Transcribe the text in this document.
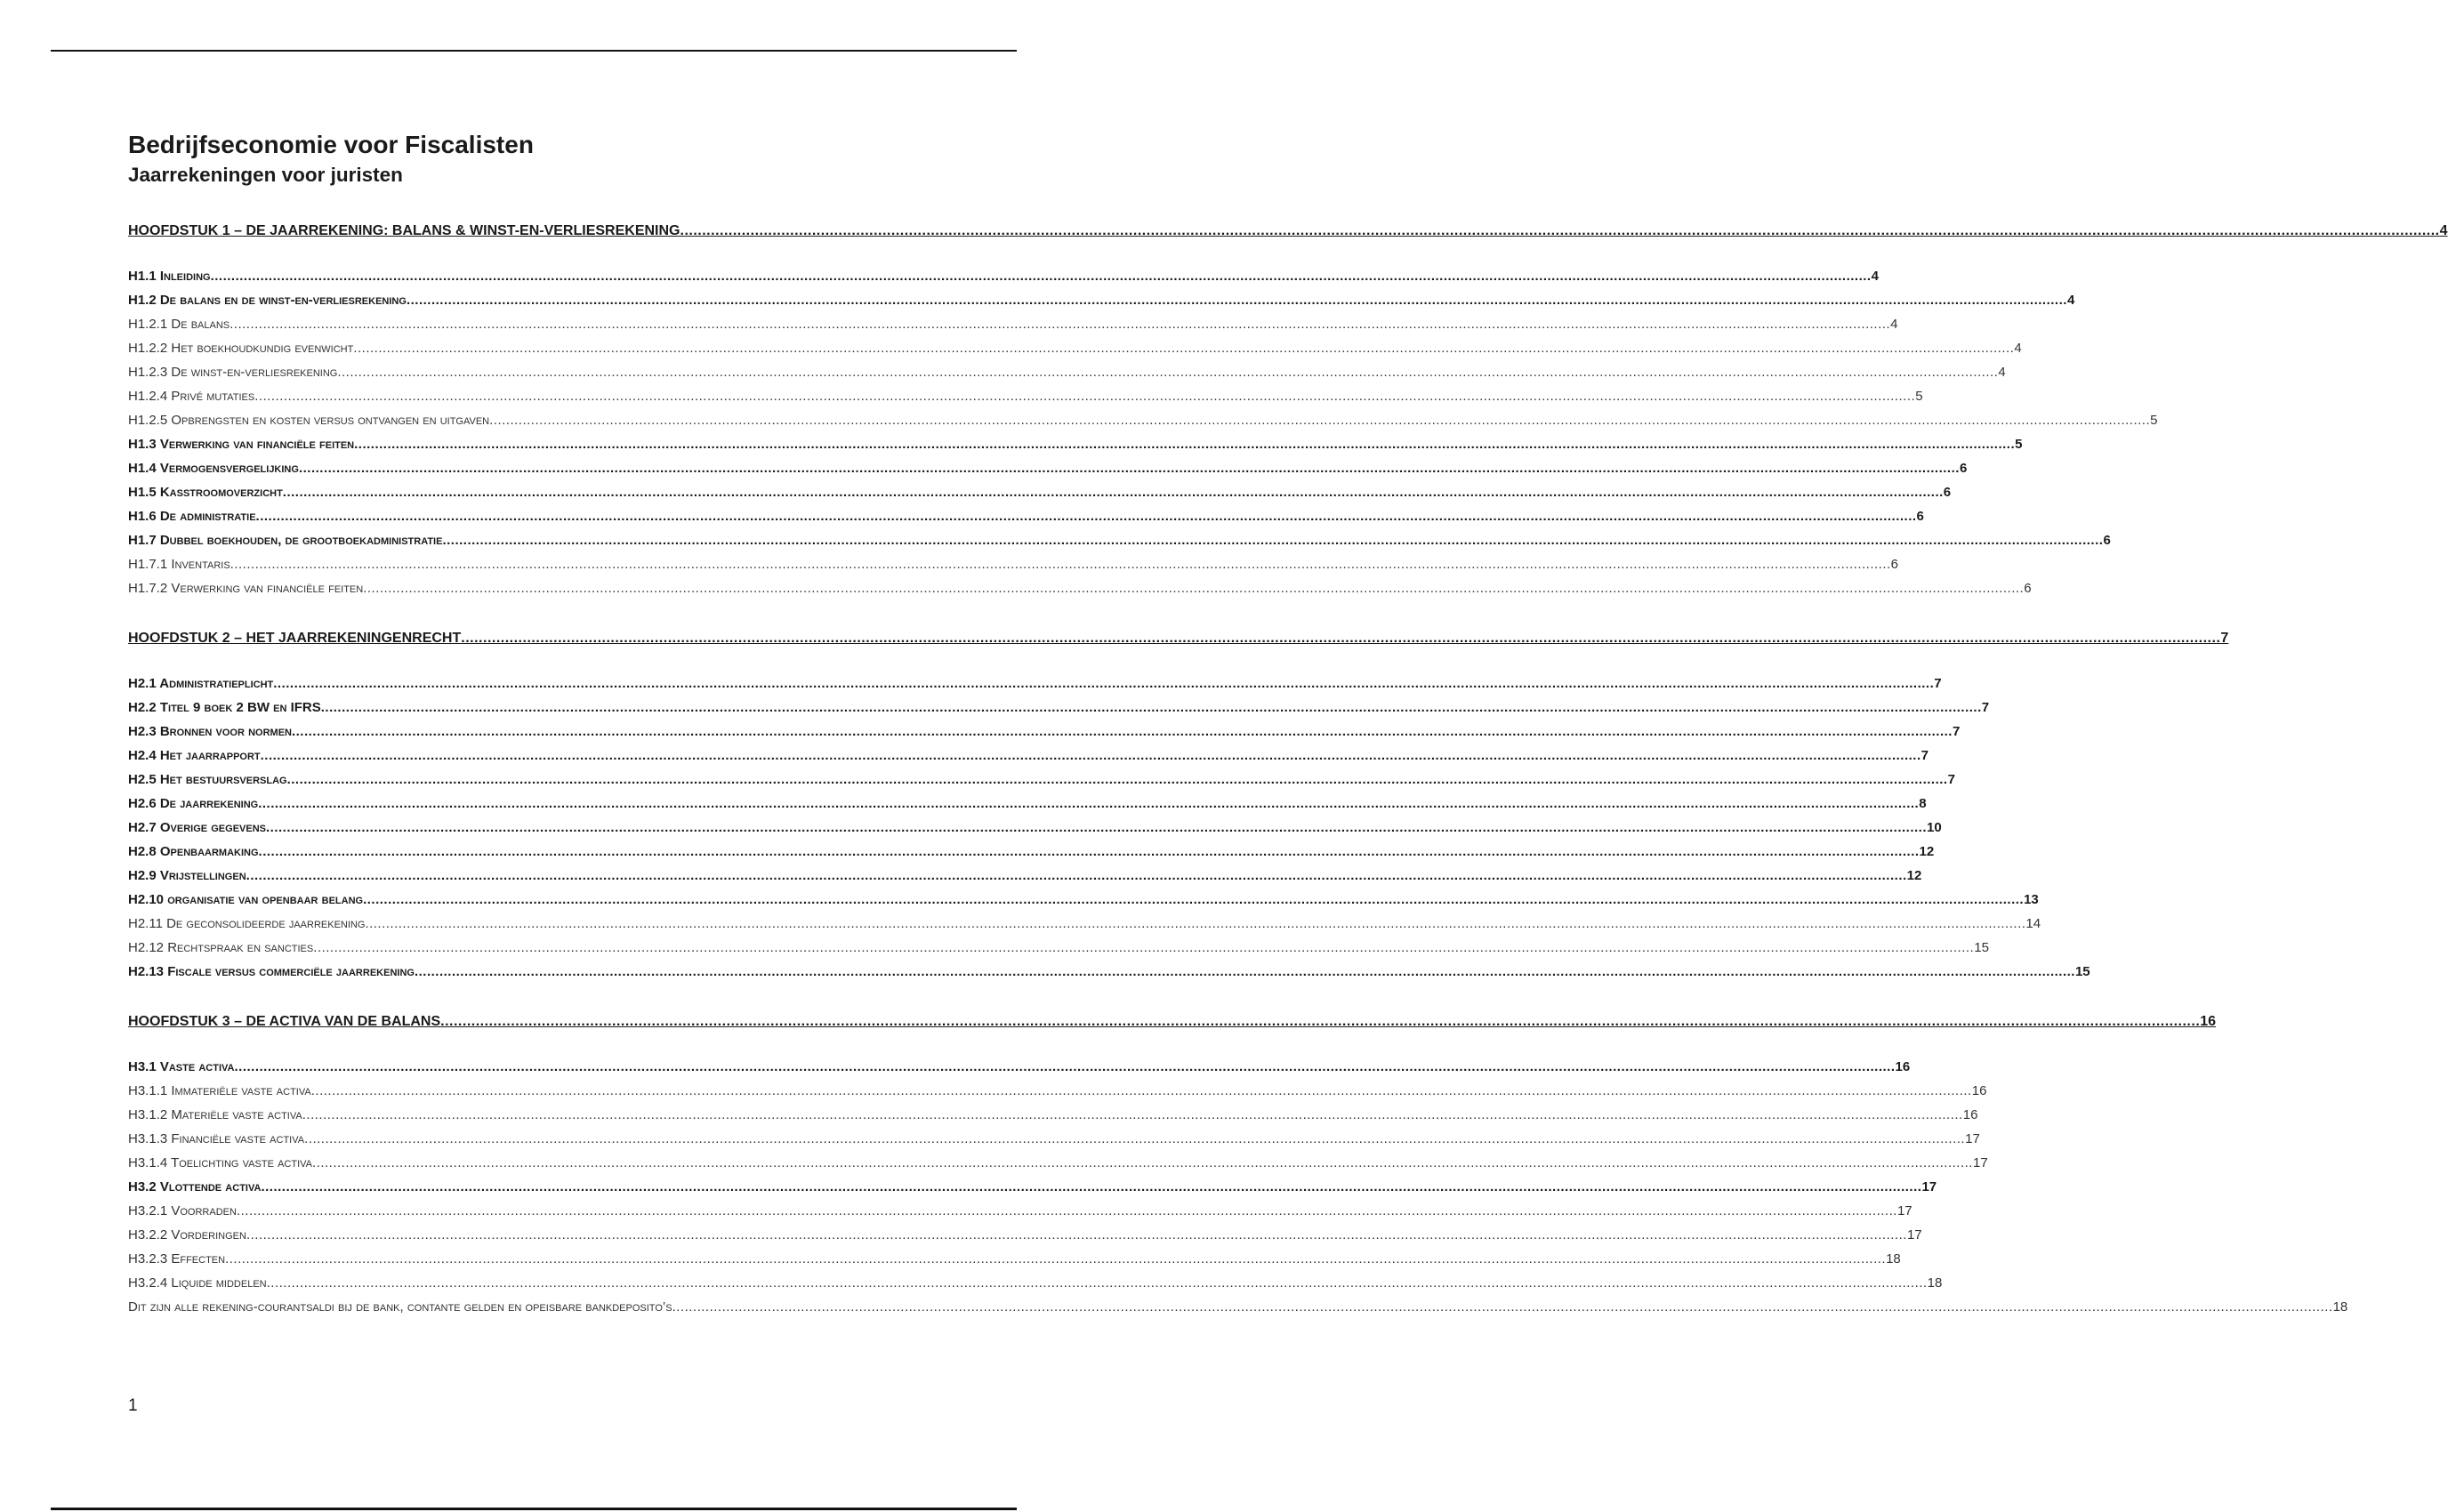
Bedrijfseconomie voor Fiscalisten
Jaarrekeningen voor juristen
HOOFDSTUK 1 – DE JAARREKENING: BALANS & WINST-EN-VERLIESREKENING ................................................................................................................................................................................................................................................................................................................................................................................................................ 4
H1.1 Inleiding ................................................................................................................................................................................................................................................................................................................................................................................................................ 4
H1.2 De balans en de winst-en-verliesrekening ................................................................................................................................................................................................................................................................................................................................................................................................................ 4
H1.2.1 De balans ................................................................................................................................................................................................................................................................................................................................................................................................................ 4
H1.2.2 Het boekhoudkundig evenwicht ................................................................................................................................................................................................................................................................................................................................................................................................................ 4
H1.2.3 De winst-en-verliesrekening ................................................................................................................................................................................................................................................................................................................................................................................................................ 4
H1.2.4 Privé mutaties ................................................................................................................................................................................................................................................................................................................................................................................................................ 5
H1.2.5 Opbrengsten en kosten versus ontvangen en uitgaven ................................................................................................................................................................................................................................................................................................................................................................................................................ 5
H1.3 Verwerking van financiële feiten ................................................................................................................................................................................................................................................................................................................................................................................................................ 5
H1.4 Vermogensvergelijking ................................................................................................................................................................................................................................................................................................................................................................................................................ 6
H1.5 Kasstroomoverzicht ................................................................................................................................................................................................................................................................................................................................................................................................................ 6
H1.6 De administratie ................................................................................................................................................................................................................................................................................................................................................................................................................ 6
H1.7 Dubbel boekhouden, de grootboekadministratie ................................................................................................................................................................................................................................................................................................................................................................................................................ 6
H1.7.1 Inventaris ................................................................................................................................................................................................................................................................................................................................................................................................................ 6
H1.7.2 Verwerking van financiële feiten ................................................................................................................................................................................................................................................................................................................................................................................................................ 6
HOOFDSTUK 2 – HET JAARREKENINGENRECHT ................................................................................................................................................................................................................................................................................................................................................................................................................ 7
H2.1 Administratieplicht ................................................................................................................................................................................................................................................................................................................................................................................................................ 7
H2.2 Titel 9 boek 2 BW en IFRS ................................................................................................................................................................................................................................................................................................................................................................................................................ 7
H2.3 Bronnen voor normen ................................................................................................................................................................................................................................................................................................................................................................................................................ 7
H2.4 Het jaarrapport ................................................................................................................................................................................................................................................................................................................................................................................................................ 7
H2.5 Het bestuursverslag ................................................................................................................................................................................................................................................................................................................................................................................................................ 7
H2.6 De jaarrekening ................................................................................................................................................................................................................................................................................................................................................................................................................ 8
H2.7 Overige gegevens ................................................................................................................................................................................................................................................................................................................................................................................................................ 10
H2.8 Openbaarmaking ................................................................................................................................................................................................................................................................................................................................................................................................................ 12
H2.9 Vrijstellingen ................................................................................................................................................................................................................................................................................................................................................................................................................ 12
H2.10 organisatie van openbaar belang ................................................................................................................................................................................................................................................................................................................................................................................................................ 13
H2.11 De geconsolideerde jaarrekening ................................................................................................................................................................................................................................................................................................................................................................................................................ 14
H2.12 Rechtspraak en sancties ................................................................................................................................................................................................................................................................................................................................................................................................................ 15
H2.13 Fiscale versus commerciële jaarrekening ................................................................................................................................................................................................................................................................................................................................................................................................................ 15
HOOFDSTUK 3 – DE ACTIVA VAN DE BALANS ................................................................................................................................................................................................................................................................................................................................................................................................................ 16
H3.1 Vaste activa ................................................................................................................................................................................................................................................................................................................................................................................................................ 16
H3.1.1 Immateriële vaste activa ................................................................................................................................................................................................................................................................................................................................................................................................................ 16
H3.1.2 Materiële vaste activa ................................................................................................................................................................................................................................................................................................................................................................................................................ 16
H3.1.3 Financiële vaste activa ................................................................................................................................................................................................................................................................................................................................................................................................................ 17
H3.1.4 Toelichting vaste activa ................................................................................................................................................................................................................................................................................................................................................................................................................ 17
H3.2 Vlottende activa ................................................................................................................................................................................................................................................................................................................................................................................................................ 17
H3.2.1 Voorraden ................................................................................................................................................................................................................................................................................................................................................................................................................ 17
H3.2.2 Vorderingen ................................................................................................................................................................................................................................................................................................................................................................................................................ 17
H3.2.3 Effecten ................................................................................................................................................................................................................................................................................................................................................................................................................ 18
H3.2.4 Liquide middelen ................................................................................................................................................................................................................................................................................................................................................................................................................ 18
Dit zijn alle rekening-courantsaldi bij de bank, contante gelden en opeisbare bankdeposito’s ................................................................................................................................................................................................................................................................................................................................................................................................................ 18
1
